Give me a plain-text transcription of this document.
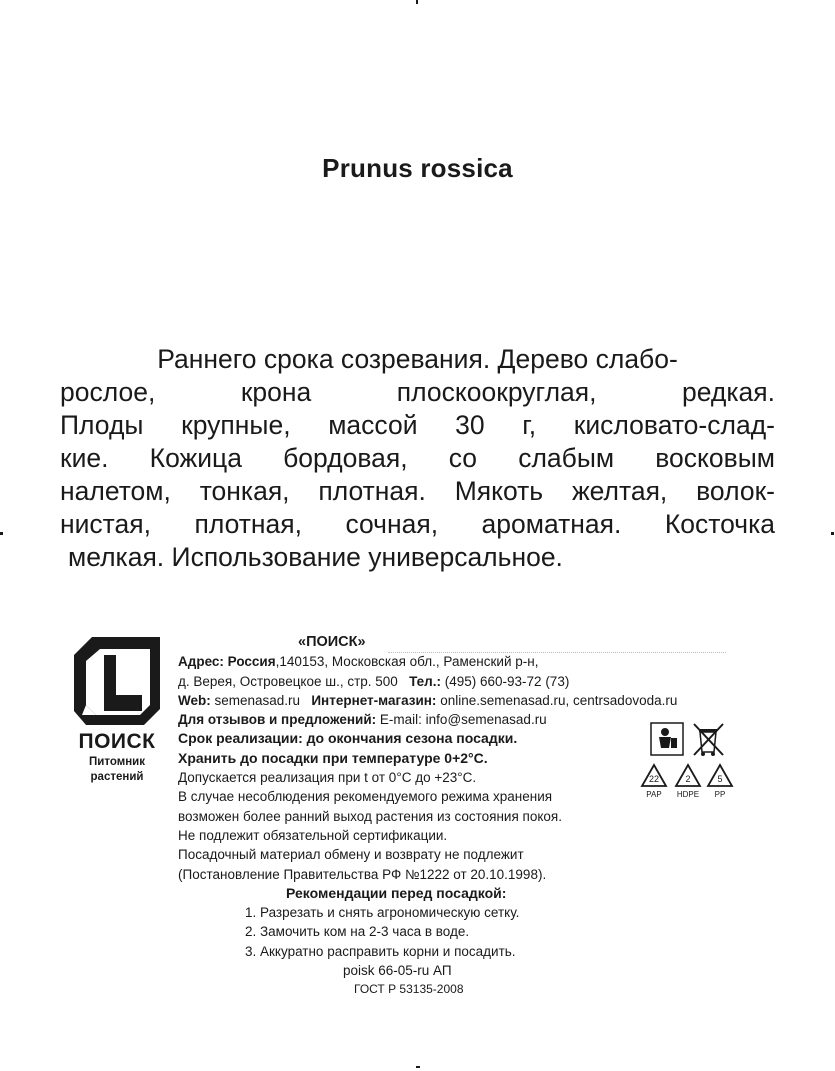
Prunus rossica
Раннего срока созревания. Дерево слабо-
рослое, крона плоскоокруглая, редкая.
Плоды крупные, массой 30 г, кисловато-слад-
кие. Кожица бордовая, со слабым восковым
налетом, тонкая, плотная. Мякоть желтая, волок-
нистая, плотная, сочная, ароматная. Косточка
мелкая. Использование универсальное.
ПОИСК
Питомник
растений
«ПОИСК»
Адрес: Россия,140153, Московская обл., Раменский р-н,
д. Верея, Островецкое ш., стр. 500 Тел.: (495) 660-93-72 (73)
Web: semenasad.ru Интернет-магазин: online.semenasad.ru, centrsadovoda.ru
Для отзывов и предложений: E-mail: info@semenasad.ru
Срок реализации: до окончания сезона посадки.
Хранить до посадки при температуре 0+2°С.
Допускается реализация при t от 0°С до +23°С.
В случае несоблюдения рекомендуемого режима хранения
возможен более ранний выход растения из состояния покоя.
Не подлежит обязательной сертификации.
Посадочный материал обмену и возврату не подлежит
(Постановление Правительства РФ №1222 от 20.10.1998).
Рекомендации перед посадкой:
1. Разрезать и снять агрономическую сетку.
2. Замочить ком на 2-3 часа в воде.
3. Аккуратно расправить корни и посадить.
poisk 66-05-ru АП
ГОСТ Р 53135-2008
22
PAP
2
HDPE
5
PP
